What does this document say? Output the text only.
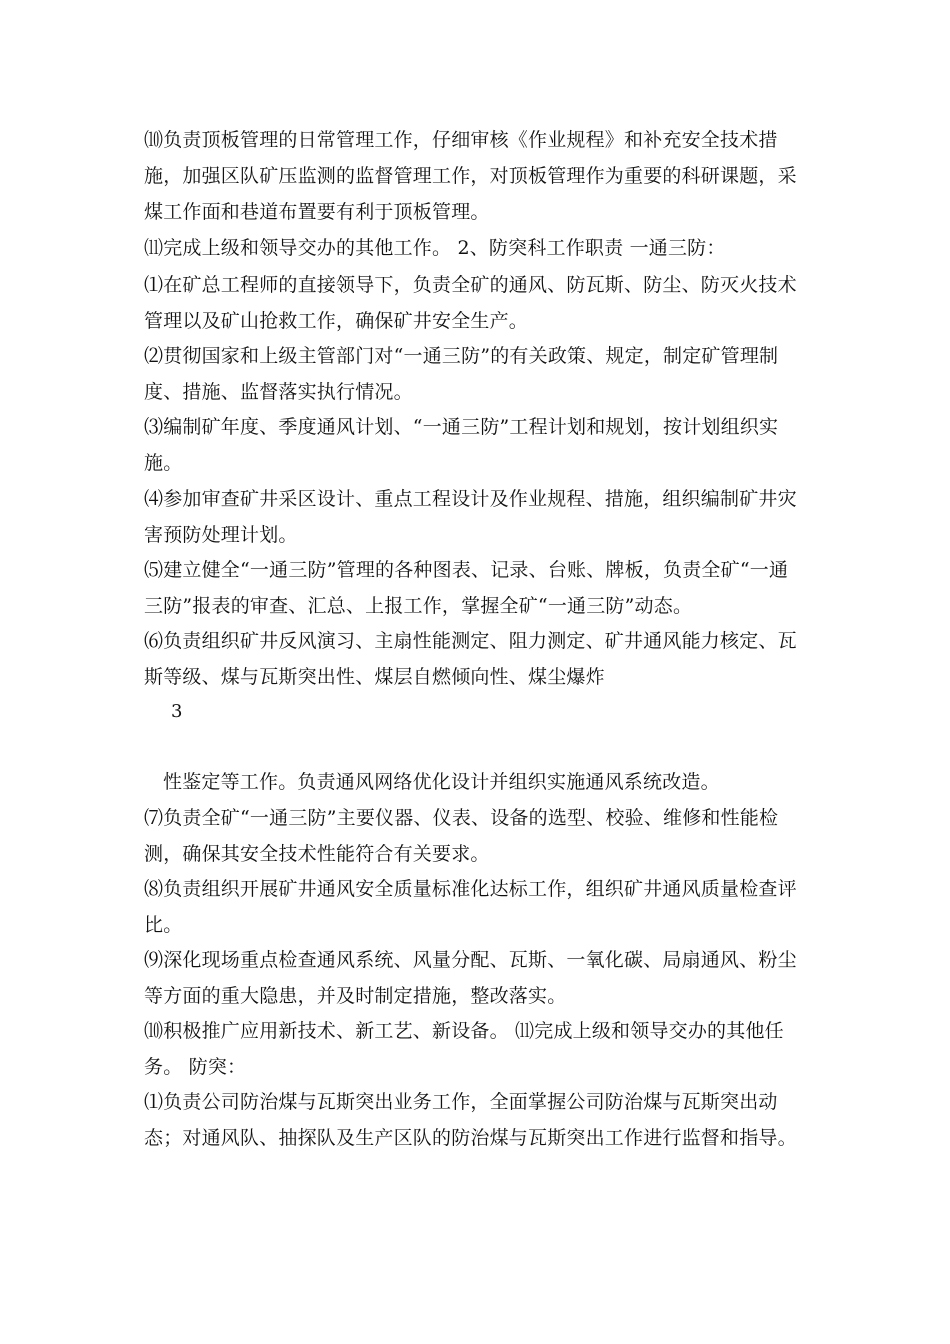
⑽负责顶板管理的日常管理工作，仔细审核《作业规程》和补充安全技术措施，加强区队矿压监测的监督管理工作，对顶板管理作为重要的科研课题，采煤工作面和巷道布置要有利于顶板管理。

⑾完成上级和领导交办的其他工作。 2、防突科工作职责 一通三防：

⑴在矿总工程师的直接领导下，负责全矿的通风、防瓦斯、防尘、防灭火技术管理以及矿山抢救工作，确保矿井安全生产。

⑵贯彻国家和上级主管部门对“一通三防”的有关政策、规定，制定矿管理制度、措施、监督落实执行情况。

⑶编制矿年度、季度通风计划、“一通三防”工程计划和规划，按计划组织实施。

⑷参加审查矿井采区设计、重点工程设计及作业规程、措施，组织编制矿井灾害预防处理计划。

⑸建立健全“一通三防”管理的各种图表、记录、台账、牌板，负责全矿“一通三防”报表的审查、汇总、上报工作，掌握全矿“一通三防”动态。

⑹负责组织矿井反风演习、主扇性能测定、阻力测定、矿井通风能力核定、瓦斯等级、煤与瓦斯突出性、煤层自燃倾向性、煤尘爆炸

3

性鉴定等工作。负责通风网络优化设计并组织实施通风系统改造。

⑺负责全矿“一通三防”主要仪器、仪表、设备的选型、校验、维修和性能检测，确保其安全技术性能符合有关要求。

⑻负责组织开展矿井通风安全质量标准化达标工作，组织矿井通风质量检查评比。

⑼深化现场重点检查通风系统、风量分配、瓦斯、一氧化碳、局扇通风、粉尘等方面的重大隐患，并及时制定措施，整改落实。

⑽积极推广应用新技术、新工艺、新设备。 ⑾完成上级和领导交办的其他任务。 防突：

⑴负责公司防治煤与瓦斯突出业务工作，全面掌握公司防治煤与瓦斯突出动态；对通风队、抽探队及生产区队的防治煤与瓦斯突出工作进行监督和指导。
